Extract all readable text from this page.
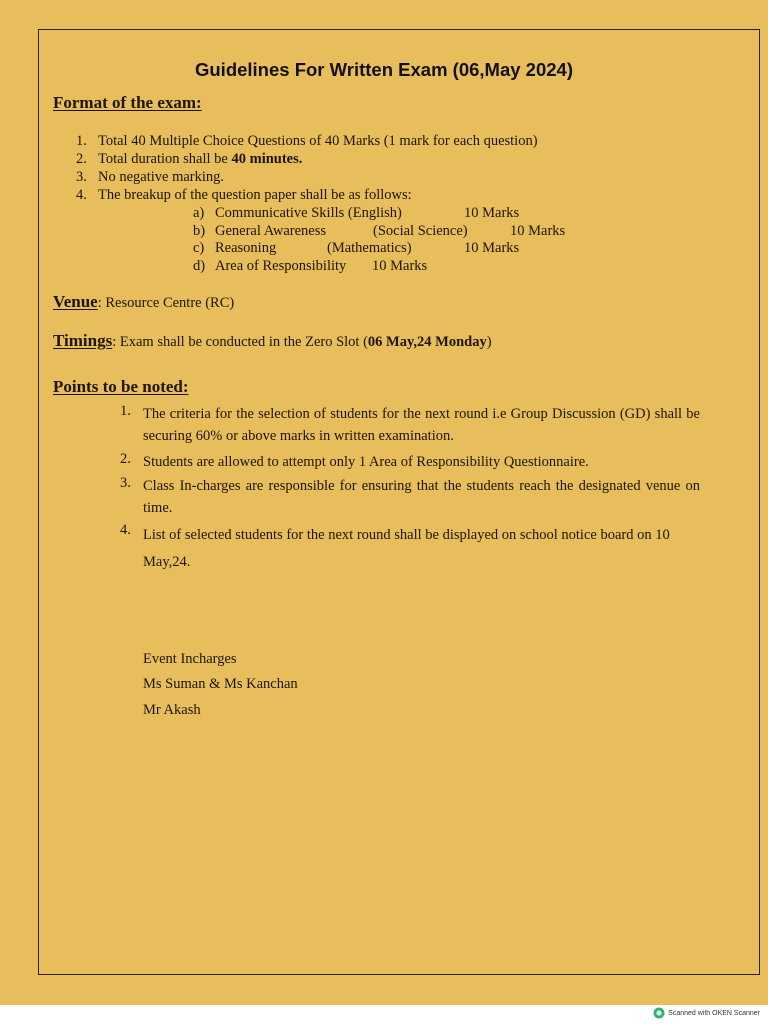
Guidelines For Written Exam (06,May 2024)
Format of the exam:
1. Total 40 Multiple Choice Questions of 40 Marks (1 mark for each question)
2. Total duration shall be 40 minutes.
3. No negative marking.
4. The breakup of the question paper shall be as follows:
a) Communicative Skills (English)	10 Marks
b) General Awareness	(Social Science)	10 Marks
c) Reasoning	(Mathematics)	10 Marks
d) Area of Responsibility 10 Marks
Venue: Resource Centre (RC)
Timings: Exam shall be conducted in the Zero Slot (06 May,24 Monday)
Points to be noted:
1. The criteria for the selection of students for the next round i.e Group Discussion (GD) shall be securing 60% or above marks in written examination.
2. Students are allowed to attempt only 1 Area of Responsibility Questionnaire.
3. Class In-charges are responsible for ensuring that the students reach the designated venue on time.
4. List of selected students for the next round shall be displayed on school notice board on 10 May,24.
Event Incharges
Ms Suman & Ms Kanchan
Mr Akash
Scanned with OKEN Scanner
